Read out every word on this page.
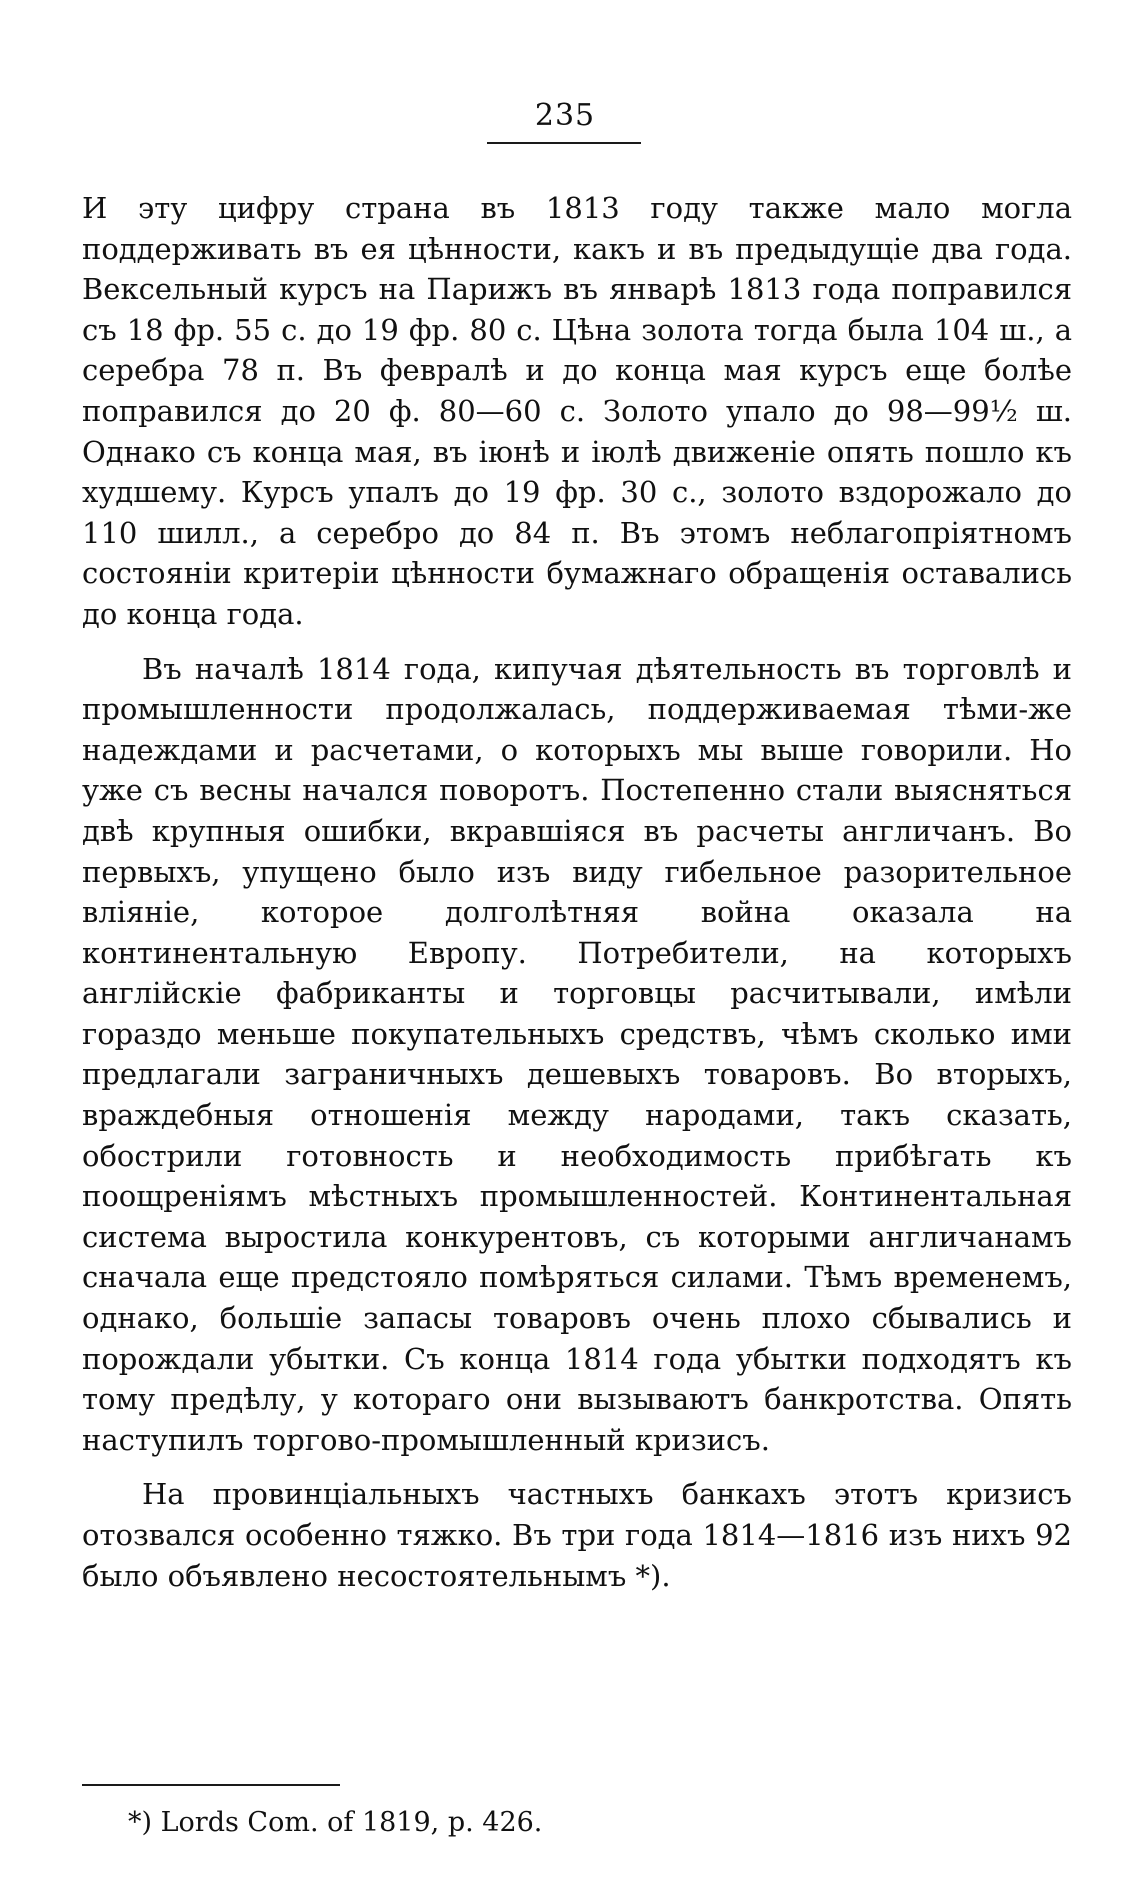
235

И эту цифру страна въ 1813 году также мало могла поддерживать въ ея цѣнности, какъ и въ предыдущіе два года. Вексельный курсъ на Парижъ въ январѣ 1813 года поправился съ 18 фр. 55 с. до 19 фр. 80 с. Цѣна золота тогда была 104 ш., а серебра 78 п. Въ февралѣ и до конца мая курсъ еще болѣе поправился до 20 ф. 80—60 с. Золото упало до 98—99½ ш. Однако съ конца мая, въ іюнѣ и іюлѣ движеніе опять пошло къ худшему. Курсъ упалъ до 19 фр. 30 с., золото вздорожало до 110 шилл., а серебро до 84 п. Въ этомъ неблагопріятномъ состояніи критеріи цѣнности бумажнаго обращенія оставались до конца года.

Въ началѣ 1814 года, кипучая дѣятельность въ торговлѣ и промышленности продолжалась, поддерживаемая тѣми-же надеждами и расчетами, о которыхъ мы выше говорили. Но уже съ весны начался поворотъ. Постепенно стали выясняться двѣ крупныя ошибки, вкравшіяся въ расчеты англичанъ. Во первыхъ, упущено было изъ виду гибельное разорительное вліяніе, которое долголѣтняя война оказала на континентальную Европу. Потребители, на которыхъ англійскіе фабриканты и торговцы расчитывали, имѣли гораздо меньше покупательныхъ средствъ, чѣмъ сколько ими предлагали заграничныхъ дешевыхъ товаровъ. Во вторыхъ, враждебныя отношенія между народами, такъ сказать, обострили готовность и необходимость прибѣгать къ поощреніямъ мѣстныхъ промышленностей. Континентальная система выростила конкурентовъ, съ которыми англичанамъ сначала еще предстояло помѣряться силами. Тѣмъ временемъ, однако, большіе запасы товаровъ очень плохо сбывались и порождали убытки. Съ конца 1814 года убытки подходятъ къ тому предѣлу, у котораго они вызываютъ банкротства. Опять наступилъ торгово-промышленный кризисъ.

На провинціальныхъ частныхъ банкахъ этотъ кризисъ отозвался особенно тяжко. Въ три года 1814—1816 изъ нихъ 92 было объявлено несостоятельнымъ *).

*) Lords Com. of 1819, p. 426.
